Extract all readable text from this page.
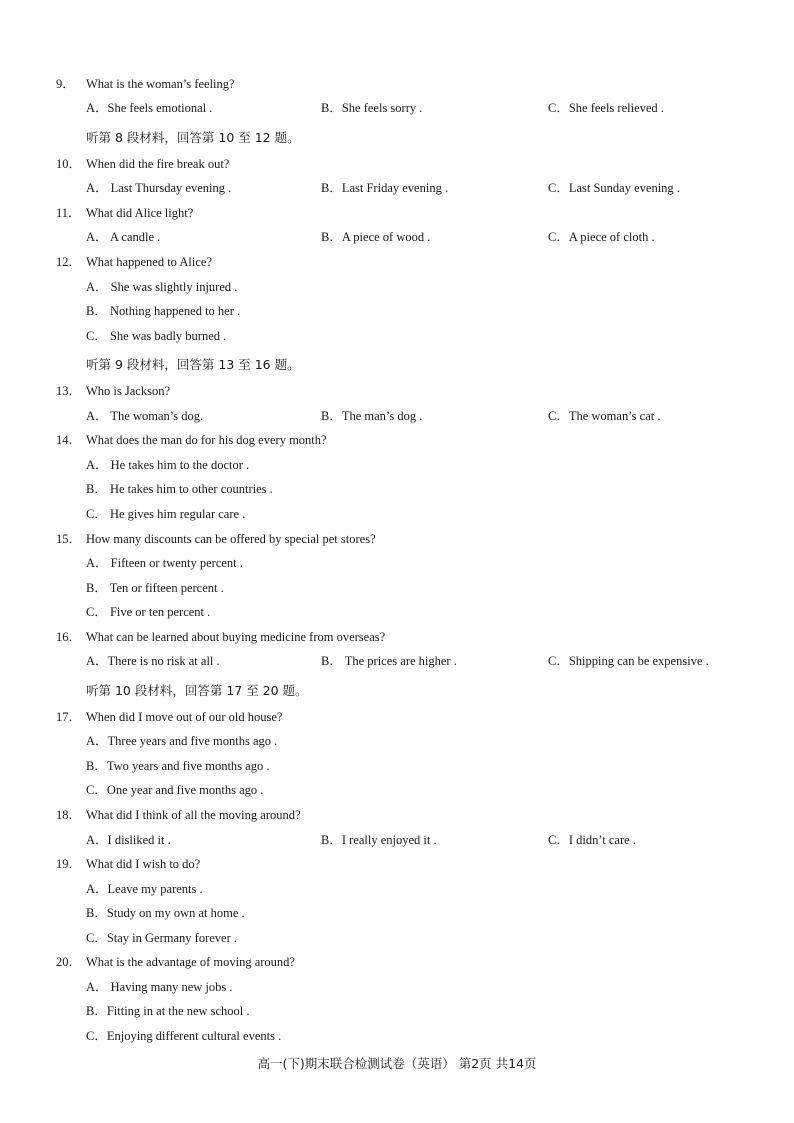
9． What is the woman’s feeling?
A．She feels emotional .	B．She feels sorry .	C．She feels relieved .
听第 8 段材料，回答第 10 至 12 题。
10． When did the fire break out?
A． Last Thursday evening .	B．Last Friday evening .	C．Last Sunday evening .
11． What did Alice light?
A． A candle .	B．A piece of wood .	C．A piece of cloth .
12． What happened to Alice?
A． She was slightly injured .
B． Nothing happened to her .
C． She was badly burned .
听第 9 段材料，回答第 13 至 16 题。
13． Who is Jackson?
A． The woman’s dog.	B．The man’s dog .	C．The woman’s cat .
14． What does the man do for his dog every month?
A． He takes him to the doctor .
B． He takes him to other countries .
C． He gives him regular care .
15． How many discounts can be offered by special pet stores?
A． Fifteen or twenty percent .
B． Ten or fifteen percent .
C． Five or ten percent .
16． What can be learned about buying medicine from overseas?
A．There is no risk at all .	B． The prices are higher .	C．Shipping can be expensive .
听第 10 段材料，回答第 17 至 20 题。
17． When did I move out of our old house?
A．Three years and five months ago .
B．Two years and five months ago .
C．One year and five months ago .
18． What did I think of all the moving around?
A．I disliked it .	B．I really enjoyed it .	C．I didn’t care .
19． What did I wish to do?
A．Leave my parents .
B．Study on my own at home .
C．Stay in Germany forever .
20． What is the advantage of moving around?
A． Having many new jobs .
B．Fitting in at the new school .
C．Enjoying different cultural events .
高一(下)期末联合检测试卷（英语） 第2页 共14页
